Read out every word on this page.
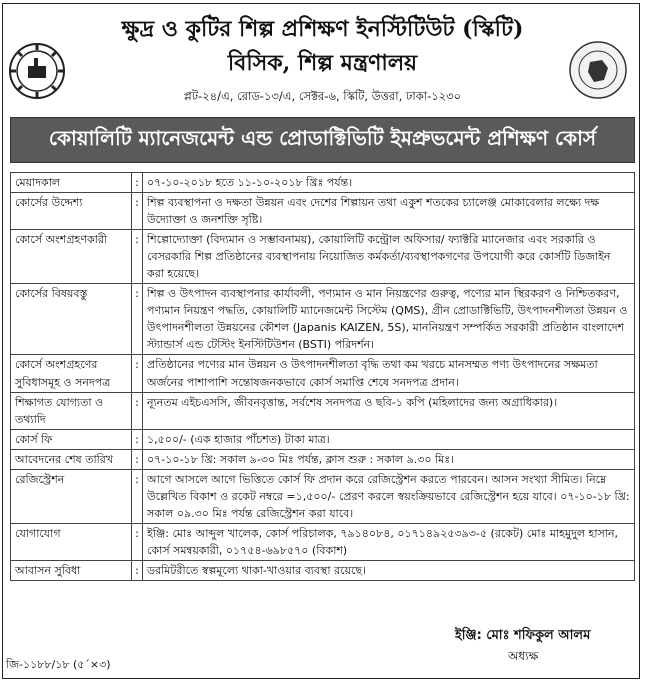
ক্ষুদ্র ও কুটির শিল্প প্রশিক্ষণ ইনস্টিটিউট (স্কিটি)
বিসিক, শিল্প মন্ত্রণালয়
প্লট-২৪/এ, রোড-১৩/এ, সেক্টর-৬, স্কিটি, উত্তরা, ঢাকা-১২৩০
কোয়ালিটি ম্যানেজমেন্ট এন্ড প্রোডাক্টিভিটি ইমপ্রুভমেন্ট প্রশিক্ষণ কোর্স
মেয়াদকাল	:	০৭-১০-২০১৮ হতে ১১-১০-২০১৮ খ্রিঃ পর্যন্ত।
কোর্সের উদ্দেশ্য	:	শিল্প ব্যবস্থাপনা ও দক্ষতা উন্নয়ন এবং দেশের শিল্পায়ন তথা একুশ শতকের চ্যালেঞ্জ মোকাবেলার লক্ষ্যে দক্ষ উদ্যোক্তা ও জনশক্তি সৃষ্টি।
কোর্সে অংশগ্রহণকারী	:	শিল্পোদ্যোক্তা (বিদ্যমান ও সম্ভাবনাময়), কোয়ালিটি কন্ট্রোল অফিসার/ ফ্যাক্টরি ম্যানেজার এবং সরকারি ও বেসরকারি শিল্প প্রতিষ্ঠানের ব্যবস্থাপনায় নিয়োজিত কর্মকর্তা/ব্যবস্থাপকগণের উপযোগী করে কোর্সটি ডিজাইন করা হয়েছে।
কোর্সের বিষয়বস্তু	:	শিল্প ও উৎপাদন ব্যবস্থাপনার কার্যাবলী, পণ্যমান ও মান নিয়ন্ত্রণের গুরুত্ব, পণ্যের মান স্থিরকরণ ও নিশ্চিতকরণ, পণ্যমান নিয়ন্ত্রণ পদ্ধতি, কোয়ালিটি ম্যানেজমেন্ট সিস্টেম (QMS), গ্রীন প্রোডাক্টিভিটি, উৎপাদনশীলতা উন্নয়ন ও উৎপাদনশীলতা উন্নয়নের কৌশল (Japanis KAIZEN, 5S), মাননিয়ন্ত্রণ সম্পর্কিত সরকারী প্রতিষ্ঠান বাংলাদেশ স্ট্যান্ডার্স এন্ড টেস্টিং ইনস্টিটিউশন (BSTI) পরিদর্শন।
কোর্সে অংশগ্রহণের সুবিধাসমূহ ও সনদপত্র	:	প্রতিষ্ঠানের পণ্যের মান উন্নয়ন ও উৎপাদনশীলতা বৃদ্ধি তথা কম খরচে মানসম্মত পণ্য উৎপাদনের সক্ষমতা অর্জনের পাশাপাশি সন্তোষজনকভাবে কোর্স সমাপ্তি শেষে সনদপত্র প্রদান।
শিক্ষাগত যোগ্যতা ও তথ্যাদি	:	ন্যূনতম এইচএসসি, জীবনবৃত্তান্ত, সর্বশেষ সনদপত্র ও ছবি-১ কপি (মহিলাদের জন্য অগ্রাধিকার)।
কোর্স ফি	:	১,৫০০/- (এক হাজার পাঁচশত) টাকা মাত্র।
আবেদনের শেষ তারিখ	:	০৭-১০-১৮ খ্রি: সকাল ৯-৩০ মিঃ পর্যন্ত, ক্লাস শুরু : সকাল ৯.৩০ মিঃ।
রেজিস্ট্রেশন	:	আগে আসলে আগে ভিত্তিতে কোর্স ফি প্রদান করে রেজিস্ট্রেশন করতে পারবেন। আসন সংখ্যা সীমিত। নিম্নে উল্লেখিত বিকাশ ও রকেট নম্বরে =১,৫০০/- প্রেরণ করলে স্বয়ংক্রিয়ভাবে রেজিস্ট্রেশন হয়ে যাবে। ০৭-১০-১৮ খ্রি: সকাল ০৯.৩০ মিঃ পর্যন্ত রেজিস্ট্রেশন করা যাবে।
যোগাযোগ	:	ইঞ্জি: মোঃ আব্দুল খালেক, কোর্স পরিচালক, ৭৯১৪০৮৪, ০১৭১৪৯২৫৩৯৩-৫ (রকেট) মোঃ মাহমুদুল হাসান, কোর্স সমন্বয়কারী, ০১৭৫৪-৬৯৮৫৭০ (বিকাশ)
আবাসন সুবিধা	:	ডরমিটরীতে স্বল্পমূল্যে থাকা-খাওয়ার ব্যবস্থা রয়েছে।
ইঞ্জি: মোঃ শফিকুল আলম
অধ্যক্ষ
জি-১১৮৮/১৮ (৫´×৩)
